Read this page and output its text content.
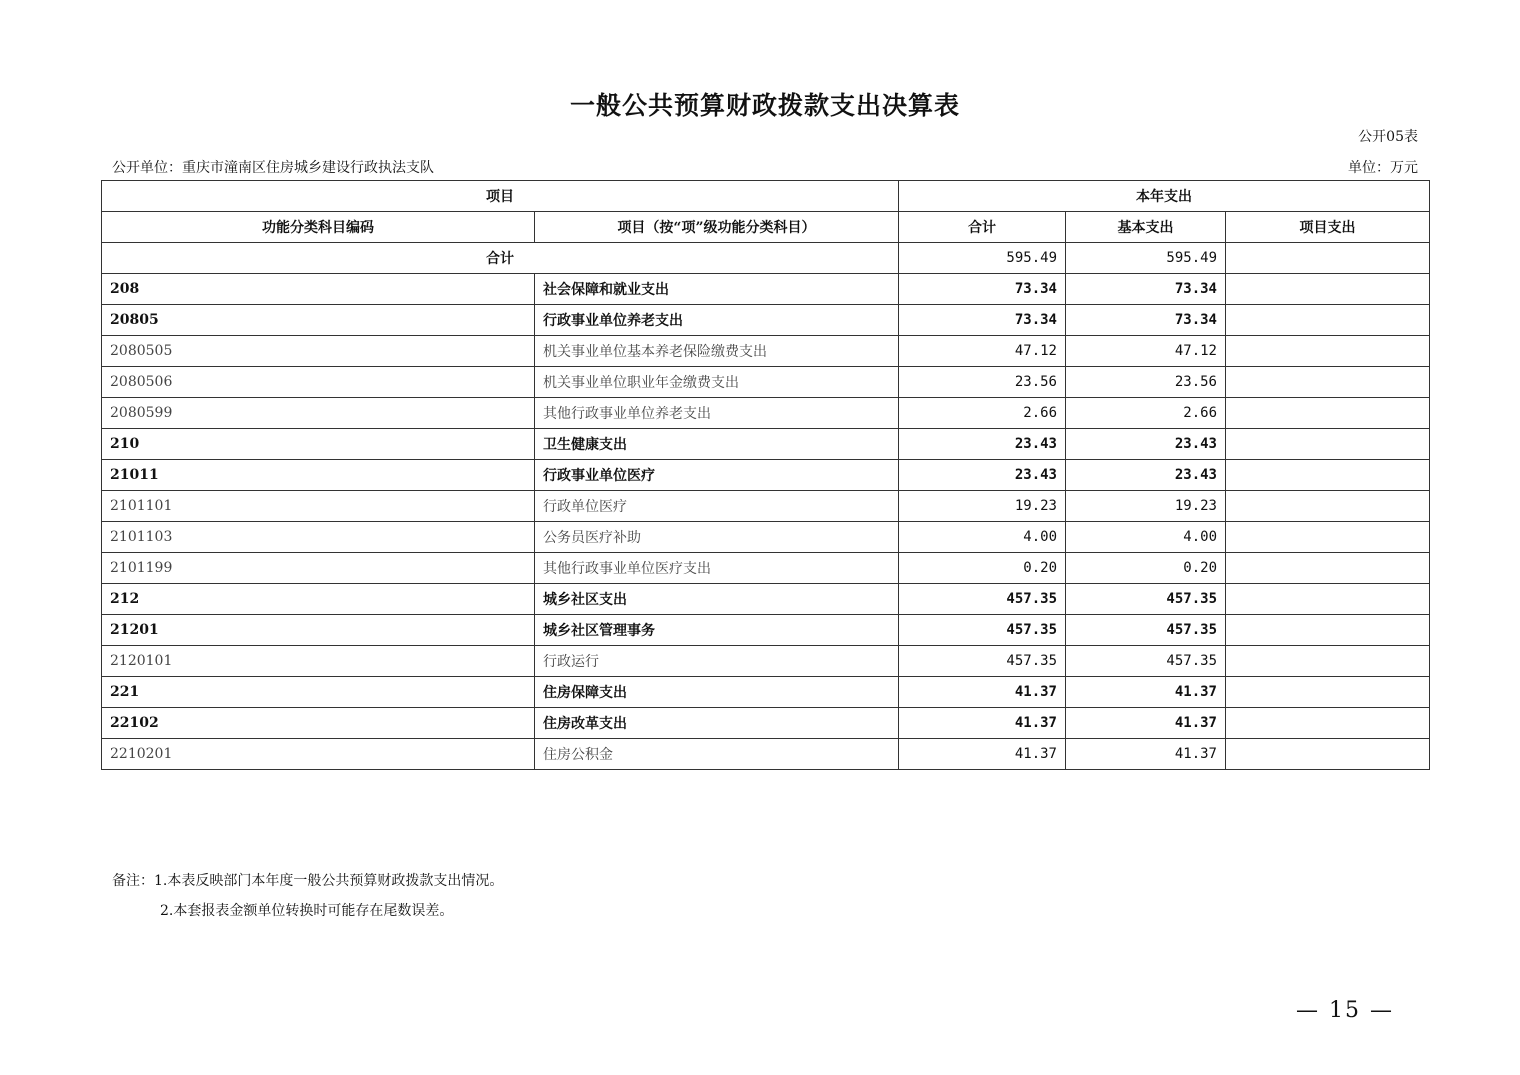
一般公共预算财政拨款支出决算表
公开05表
公开单位：重庆市潼南区住房城乡建设行政执法支队	单位：万元
项目		本年支出		
功能分类科目编码	项目（按“项”级功能分类科目）	合计	基本支出	项目支出
合计		595.49	595.49	
208	社会保障和就业支出	73.34	73.34	
20805	行政事业单位养老支出	73.34	73.34	
2080505	机关事业单位基本养老保险缴费支出	47.12	47.12	
2080506	机关事业单位职业年金缴费支出	23.56	23.56	
2080599	其他行政事业单位养老支出	2.66	2.66	
210	卫生健康支出	23.43	23.43	
21011	行政事业单位医疗	23.43	23.43	
2101101	行政单位医疗	19.23	19.23	
2101103	公务员医疗补助	4.00	4.00	
2101199	其他行政事业单位医疗支出	0.20	0.20	
212	城乡社区支出	457.35	457.35	
21201	城乡社区管理事务	457.35	457.35	
2120101	行政运行	457.35	457.35	
221	住房保障支出	41.37	41.37	
22102	住房改革支出	41.37	41.37	
2210201	住房公积金	41.37	41.37	
备注：1.本表反映部门本年度一般公共预算财政拨款支出情况。
2.本套报表金额单位转换时可能存在尾数误差。
— 15 —
